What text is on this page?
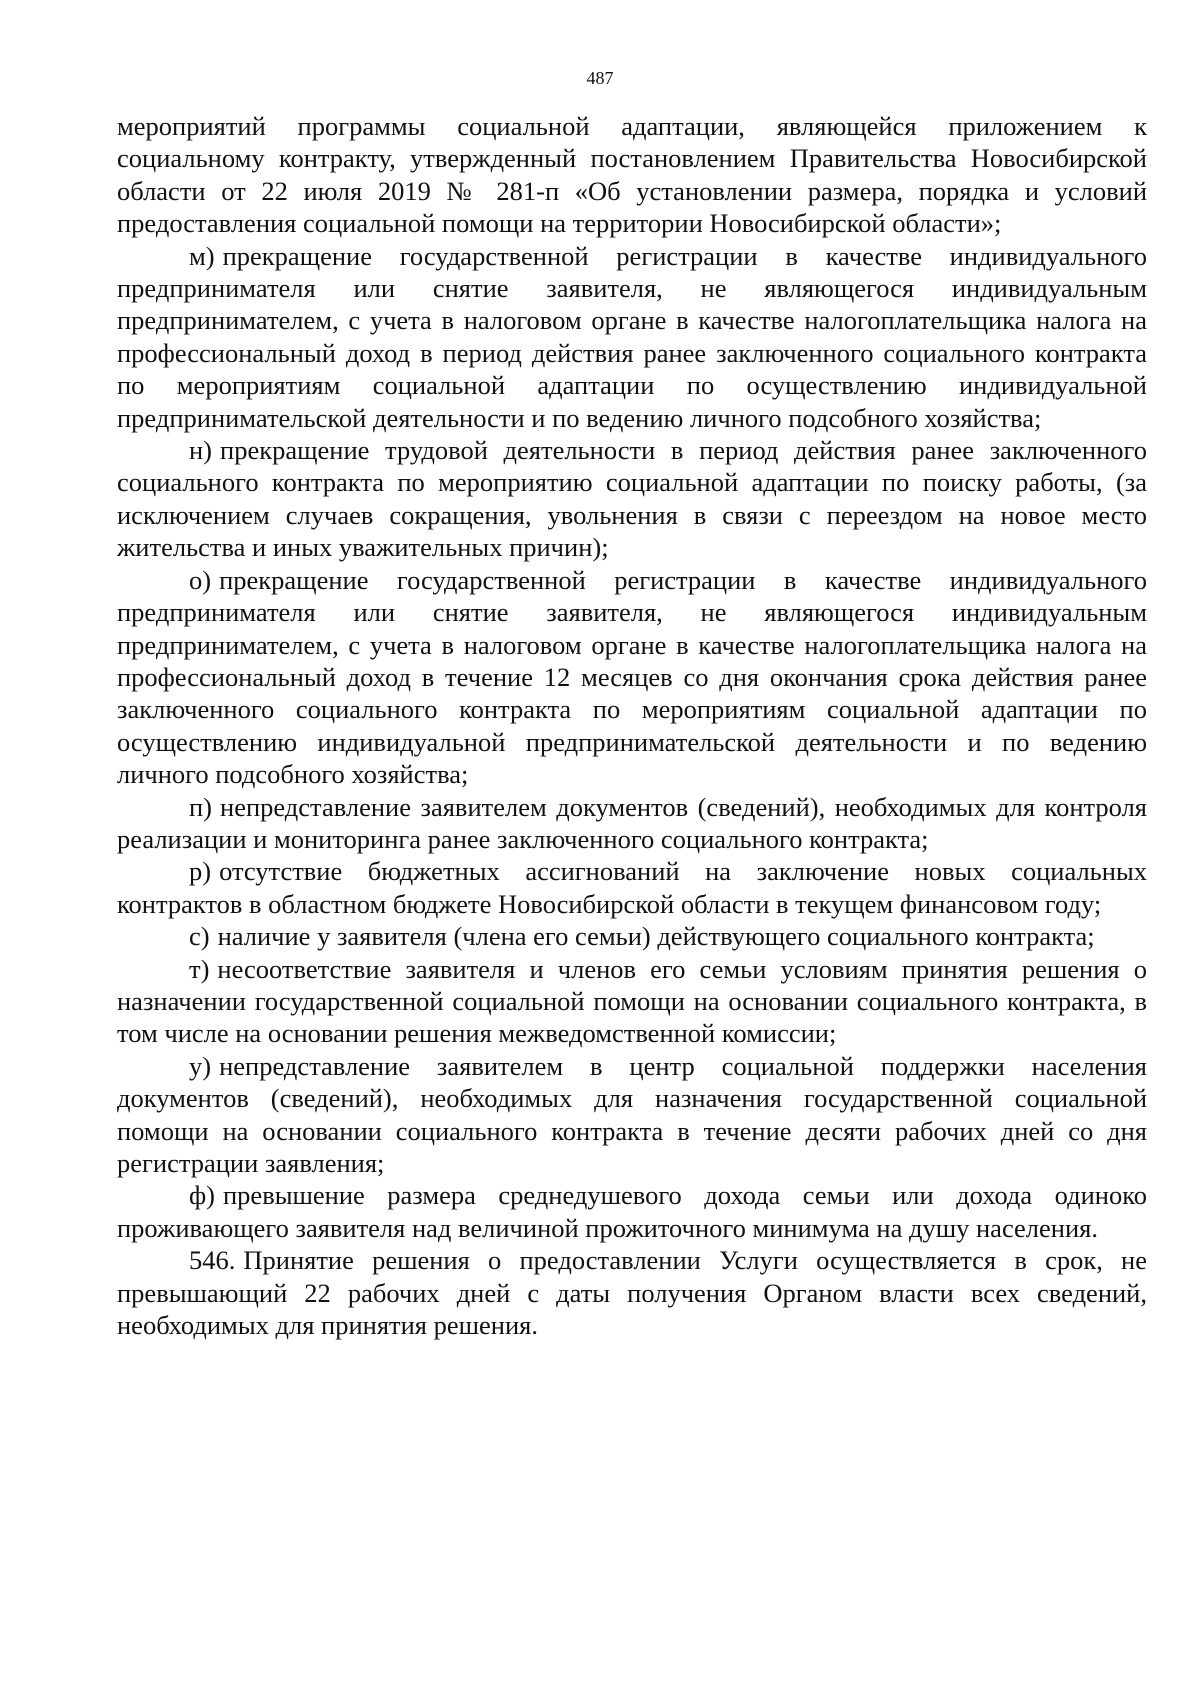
487

мероприятий программы социальной адаптации, являющейся приложением к социальному контракту, утвержденный постановлением Правительства Новосибирской области от 22 июля 2019 № 281-п «Об установлении размера, порядка и условий предоставления социальной помощи на территории Новосибирской области»;

м) прекращение государственной регистрации в качестве индивидуального предпринимателя или снятие заявителя, не являющегося индивидуальным предпринимателем, с учета в налоговом органе в качестве налогоплательщика налога на профессиональный доход в период действия ранее заключенного социального контракта по мероприятиям социальной адаптации по осуществлению индивидуальной предпринимательской деятельности и по ведению личного подсобного хозяйства;

н) прекращение трудовой деятельности в период действия ранее заключенного социального контракта по мероприятию социальной адаптации по поиску работы, (за исключением случаев сокращения, увольнения в связи с переездом на новое место жительства и иных уважительных причин);

о) прекращение государственной регистрации в качестве индивидуального предпринимателя или снятие заявителя, не являющегося индивидуальным предпринимателем, с учета в налоговом органе в качестве налогоплательщика налога на профессиональный доход в течение 12 месяцев со дня окончания срока действия ранее заключенного социального контракта по мероприятиям социальной адаптации по осуществлению индивидуальной предпринимательской деятельности и по ведению личного подсобного хозяйства;

п) непредставление заявителем документов (сведений), необходимых для контроля реализации и мониторинга ранее заключенного социального контракта;

р) отсутствие бюджетных ассигнований на заключение новых социальных контрактов в областном бюджете Новосибирской области в текущем финансовом году;

с) наличие у заявителя (члена его семьи) действующего социального контракта;

т) несоответствие заявителя и членов его семьи условиям принятия решения о назначении государственной социальной помощи на основании социального контракта, в том числе на основании решения межведомственной комиссии;

у) непредставление заявителем в центр социальной поддержки населения документов (сведений), необходимых для назначения государственной социальной помощи на основании социального контракта в течение десяти рабочих дней со дня регистрации заявления;

ф) превышение размера среднедушевого дохода семьи или дохода одиноко проживающего заявителя над величиной прожиточного минимума на душу населения.

546. Принятие решения о предоставлении Услуги осуществляется в срок, не превышающий 22 рабочих дней с даты получения Органом власти всех сведений, необходимых для принятия решения.
